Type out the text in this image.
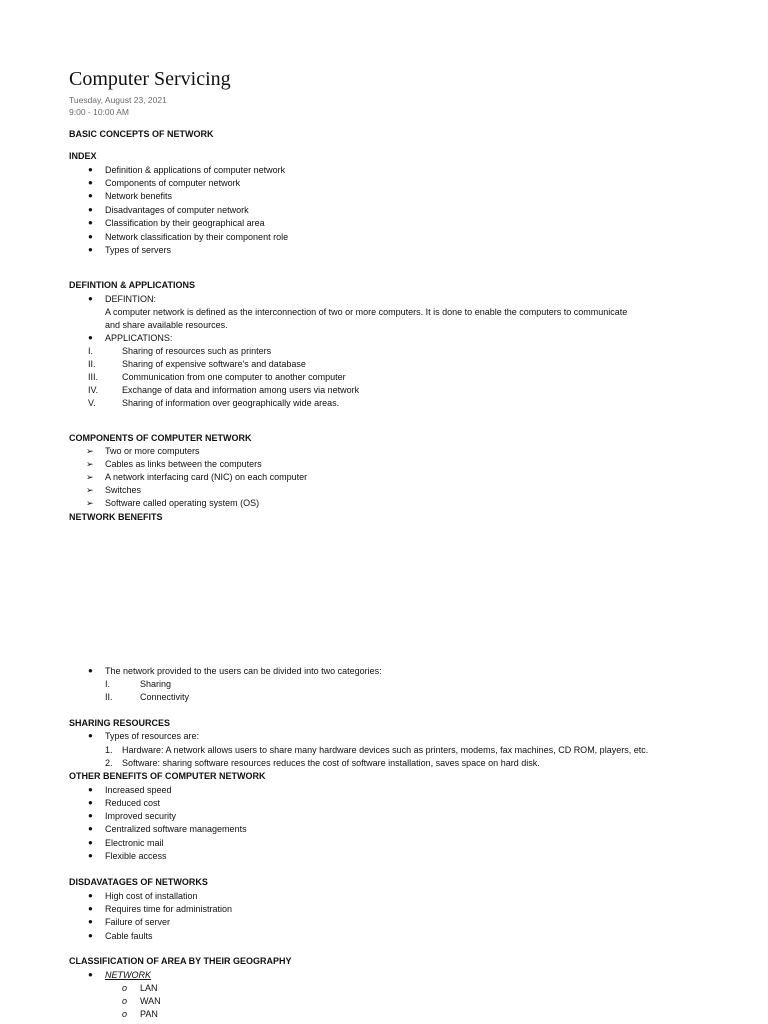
Computer Servicing
Tuesday, August 23, 2021
9:00 - 10:00 AM
BASIC CONCEPTS OF NETWORK
INDEX
● Definition & applications of computer network
● Components of computer network
● Network benefits
● Disadvantages of computer network
● Classification by their geographical area
● Network classification by their component role
● Types of servers
DEFINTION & APPLICATIONS
● DEFINTION:
A computer network is defined as the interconnection of two or more computers. It is done to enable the computers to communicate
and share available resources.
● APPLICATIONS:
I.	Sharing of resources such as printers
II.	Sharing of expensive software's and database
III.	Communication from one computer to another computer
IV.	Exchange of data and information among users via network
V.	Sharing of information over geographically wide areas.
COMPONENTS OF COMPUTER NETWORK
➢ Two or more computers
➢ Cables as links between the computers
➢ A network interfacing card (NIC) on each computer
➢ Switches
➢ Software called operating system (OS)
NETWORK BENEFITS
● The network provided to the users can be divided into two categories:
I.	Sharing
II.	Connectivity
SHARING RESOURCES
● Types of resources are:
1. Hardware: A network allows users to share many hardware devices such as printers, modems, fax machines, CD ROM, players, etc.
2. Software: sharing software resources reduces the cost of software installation, saves space on hard disk.
OTHER BENEFITS OF COMPUTER NETWORK
● Increased speed
● Reduced cost
● Improved security
● Centralized software managements
● Electronic mail
● Flexible access
DISDAVATAGES OF NETWORKS
● High cost of installation
● Requires time for administration
● Failure of server
● Cable faults
CLASSIFICATION OF AREA BY THEIR GEOGRAPHY
● NETWORK
o LAN
o WAN
o PAN
